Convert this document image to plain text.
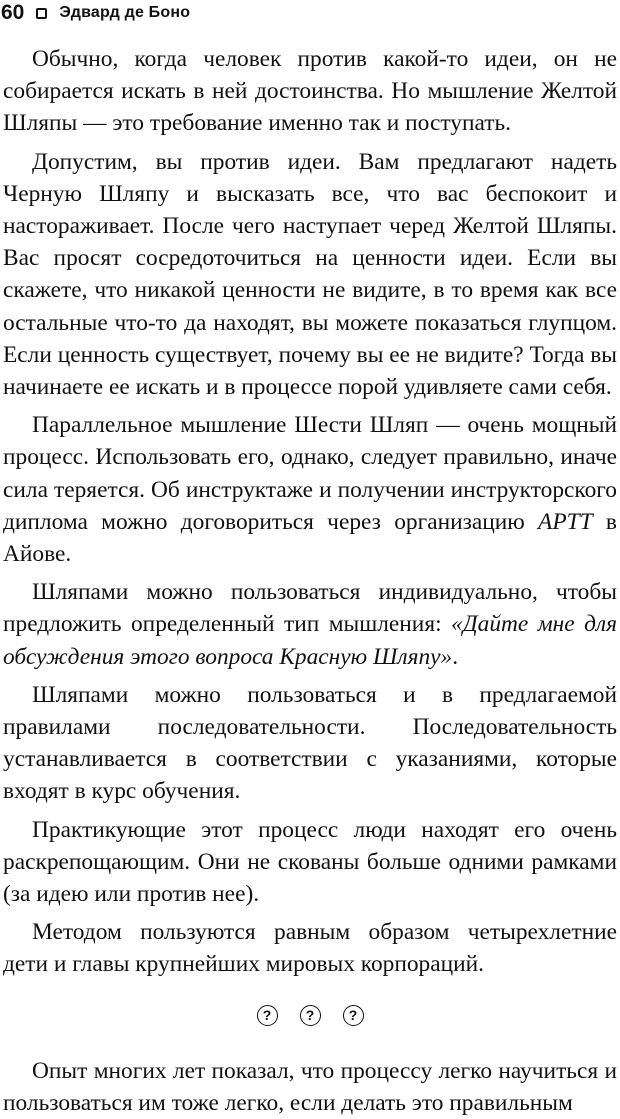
60 Эдвард де Боно

Обычно, когда человек против какой-то идеи, он не собирается искать в ней достоинства. Но мышление Желтой Шляпы — это требование именно так и поступать.

Допустим, вы против идеи. Вам предлагают надеть Черную Шляпу и высказать все, что вас беспокоит и настораживает. После чего наступает черед Желтой Шляпы. Вас просят сосредоточиться на ценности идеи. Если вы скажете, что никакой ценности не видите, в то время как все остальные что-то да находят, вы можете показаться глупцом. Если ценность существует, почему вы ее не видите? Тогда вы начинаете ее искать и в процессе порой удивляете сами себя.

Параллельное мышление Шести Шляп — очень мощный процесс. Использовать его, однако, следует правильно, иначе сила теряется. Об инструктаже и получении инструкторского диплома можно договориться через организацию APTT в Айове.

Шляпами можно пользоваться индивидуально, чтобы предложить определенный тип мышления: «Дайте мне для обсуждения этого вопроса Красную Шляпу».

Шляпами можно пользоваться и в предлагаемой правилами последовательности. Последовательность устанавливается в соответствии с указаниями, которые входят в курс обучения.

Практикующие этот процесс люди находят его очень раскрепощающим. Они не скованы больше одними рамками (за идею или против нее).

Методом пользуются равным образом четырехлетние дети и главы крупнейших мировых корпораций.

?	?	?

Опыт многих лет показал, что процессу легко научиться и пользоваться им тоже легко, если делать это правильным
